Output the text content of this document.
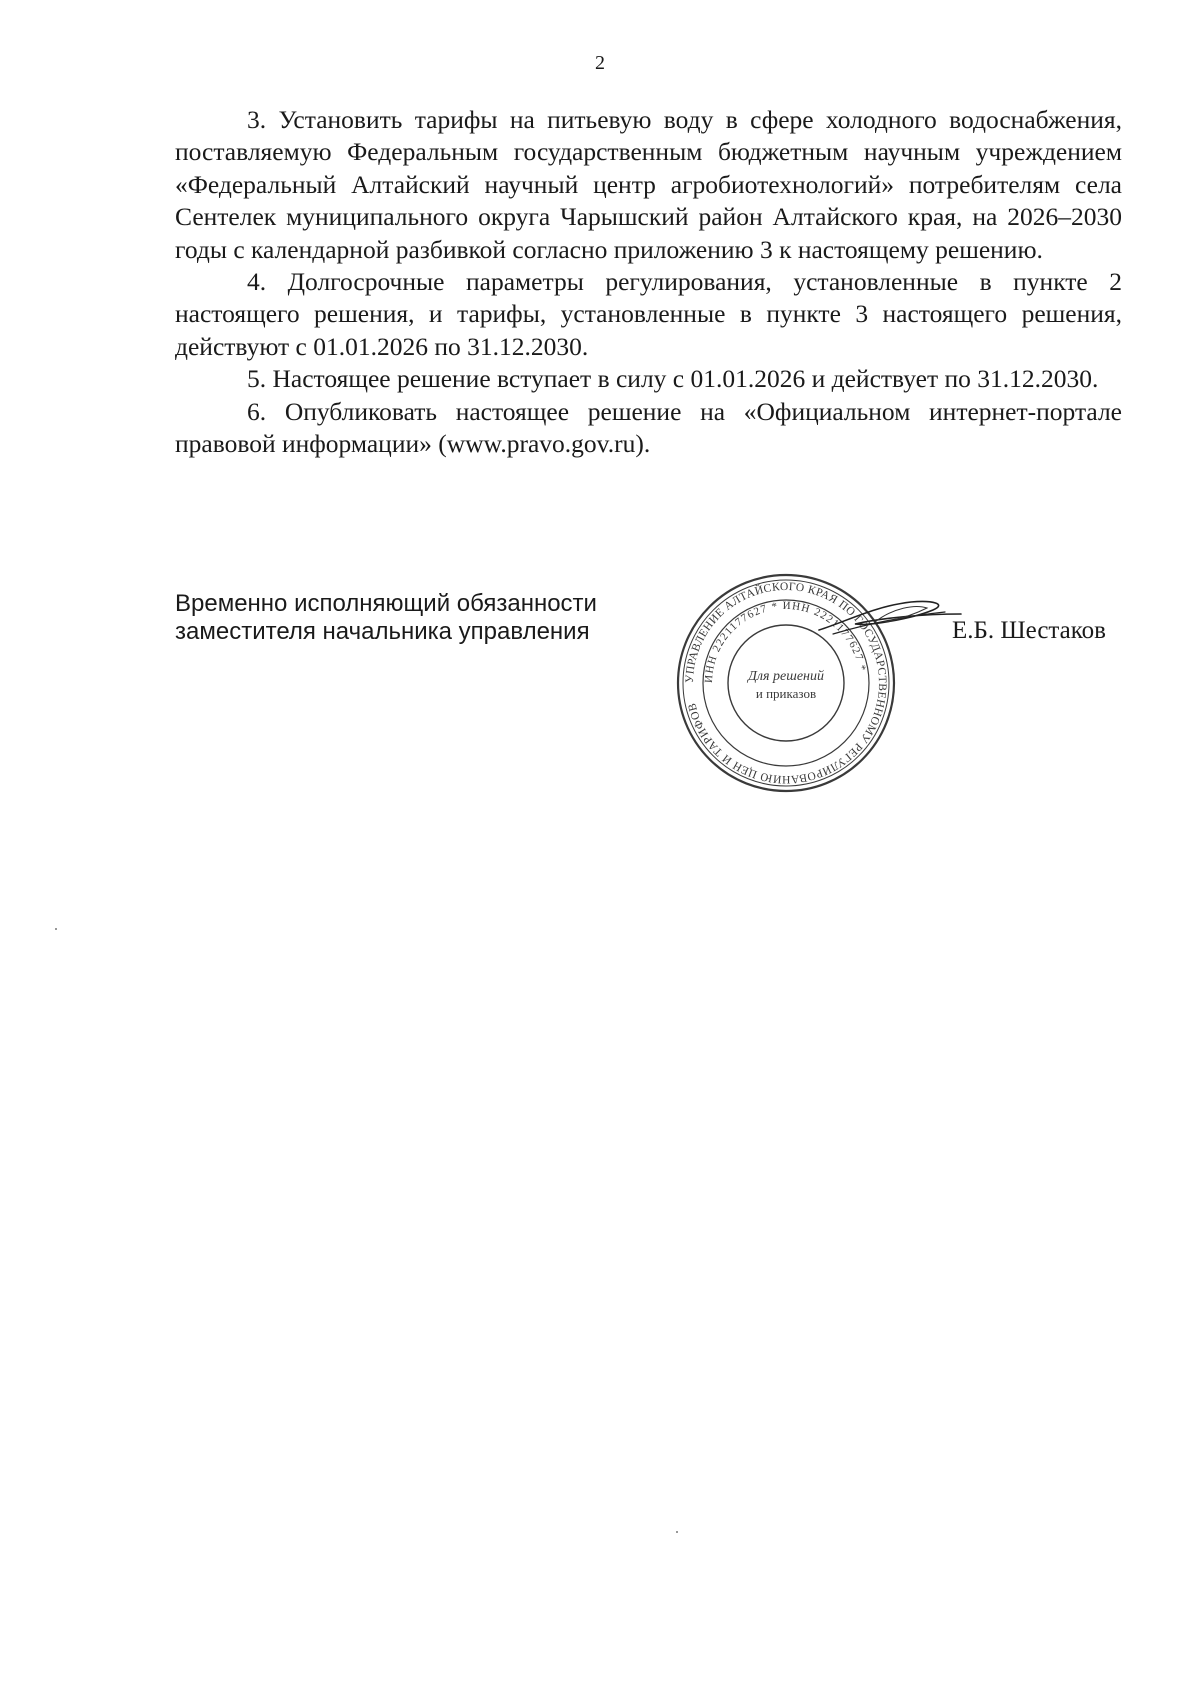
2

3. Установить тарифы на питьевую воду в сфере холодного водоснабжения, поставляемую Федеральным государственным бюджетным научным учреждением «Федеральный Алтайский научный центр агробиотехнологий» потребителям села Сентелек муниципального округа Чарышский район Алтайского края, на 2026–2030 годы с календарной разбивкой согласно приложению 3 к настоящему решению.

4. Долгосрочные параметры регулирования, установленные в пункте 2 настоящего решения, и тарифы, установленные в пункте 3 настоящего решения, действуют с 01.01.2026 по 31.12.2030.

5. Настоящее решение вступает в силу с 01.01.2026 и действует по 31.12.2030.

6. Опубликовать настоящее решение на «Официальном интернет-портале правовой информации» (www.pravo.gov.ru).

Временно исполняющий обязанности
заместителя начальника управления
УПРАВЛЕНИЕ АЛТАЙСКОГО КРАЯ ПО ГОСУДАРСТВЕННОМУ РЕГУЛИРОВАНИЮ ЦЕН И ТАРИФОВ
ИНН 2221177627 * ИНН 2221177627 *
Для решений
и приказов
Е.Б. Шестаков
